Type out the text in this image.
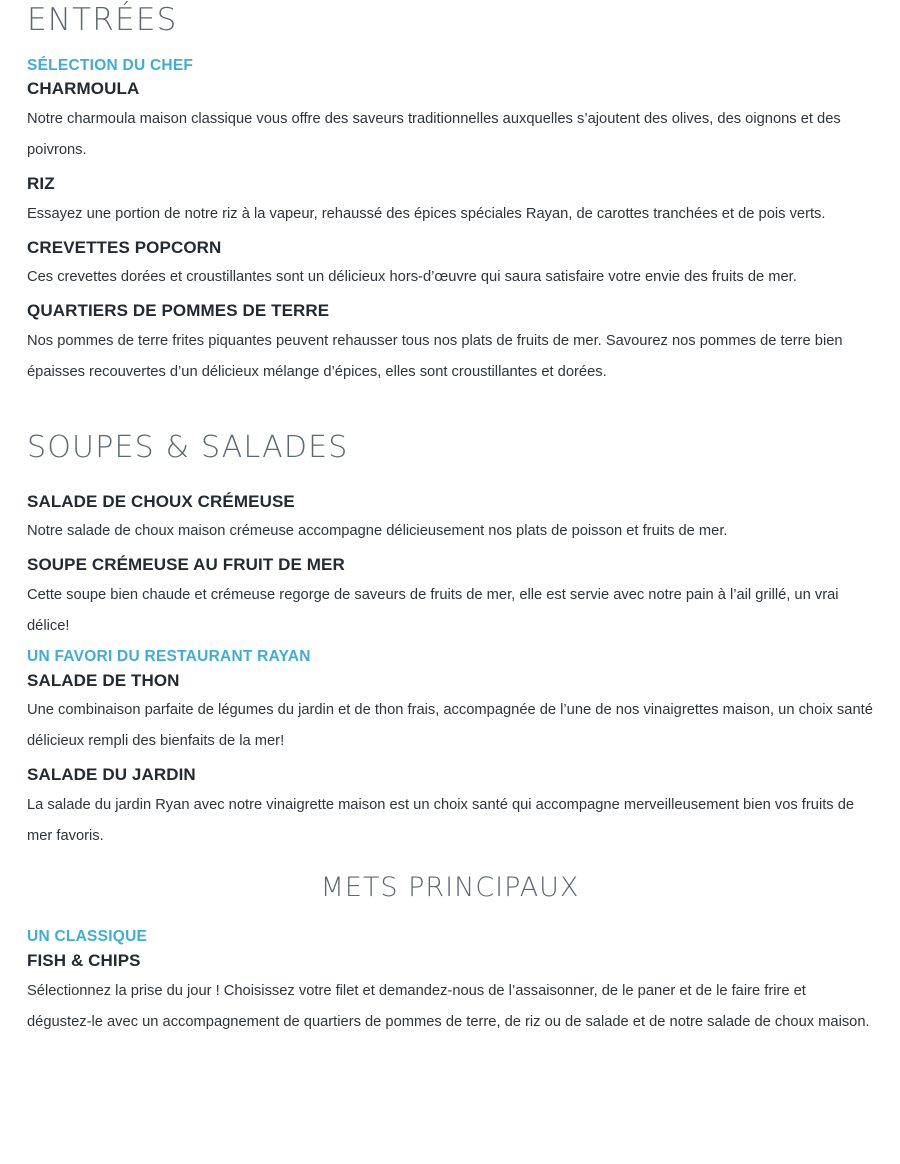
ENTRÉES
SÉLECTION DU CHEF
CHARMOULA

Notre charmoula maison classique vous offre des saveurs traditionnelles auxquelles s’ajoutent des olives, des oignons et des poivrons.

RIZ

Essayez une portion de notre riz à la vapeur, rehaussé des épices spéciales Rayan, de carottes tranchées et de pois verts.

CREVETTES POPCORN

Ces crevettes dorées et croustillantes sont un délicieux hors-d’œuvre qui saura satisfaire votre envie des fruits de mer.

QUARTIERS DE POMMES DE TERRE

Nos pommes de terre frites piquantes peuvent rehausser tous nos plats de fruits de mer. Savourez nos pommes de terre bien épaisses recouvertes d’un délicieux mélange d’épices, elles sont croustillantes et dorées.

SOUPES & SALADES
SALADE DE CHOUX CRÉMEUSE

Notre salade de choux maison crémeuse accompagne délicieusement nos plats de poisson et fruits de mer.

SOUPE CRÉMEUSE AU FRUIT DE MER

Cette soupe bien chaude et crémeuse regorge de saveurs de fruits de mer, elle est servie avec notre pain à l’ail grillé, un vrai délice!

UN FAVORI DU RESTAURANT RAYAN
SALADE DE THON

Une combinaison parfaite de légumes du jardin et de thon frais, accompagnée de l’une de nos vinaigrettes maison, un choix santé délicieux rempli des bienfaits de la mer!

SALADE DU JARDIN

La salade du jardin Ryan avec notre vinaigrette maison est un choix santé qui accompagne merveilleusement bien vos fruits de mer favoris.

METS PRINCIPAUX
UN CLASSIQUE
FISH & CHIPS

Sélectionnez la prise du jour ! Choisissez votre filet et demandez-nous de l’assaisonner, de le paner et de le faire frire et dégustez-le avec un accompagnement de quartiers de pommes de terre, de riz ou de salade et de notre salade de choux maison.
